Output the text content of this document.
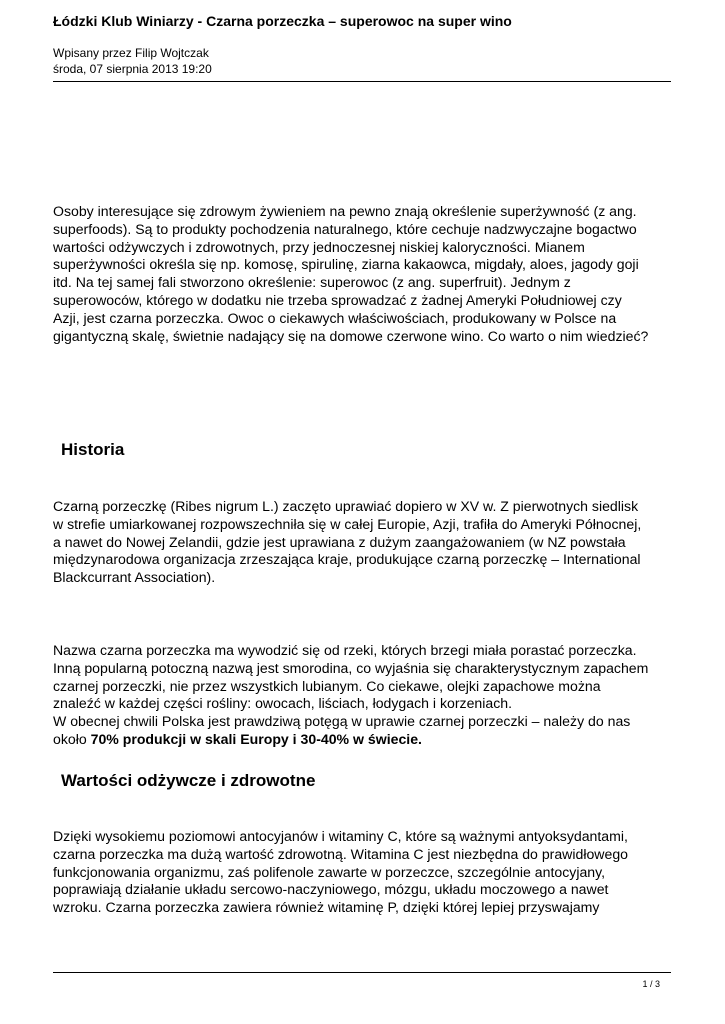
Łódzki Klub Winiarzy - Czarna porzeczka – superowoc na super wino
Wpisany przez Filip Wojtczak
środa, 07 sierpnia 2013 19:20

Osoby interesujące się zdrowym żywieniem na pewno znają określenie superżywność (z ang.
superfoods). Są to produkty pochodzenia naturalnego, które cechuje nadzwyczajne bogactwo
wartości odżywczych i zdrowotnych, przy jednoczesnej niskiej kaloryczności. Mianem
superżywności określa się np. komosę, spirulinę, ziarna kakaowca, migdały, aloes, jagody goji
itd. Na tej samej fali stworzono określenie: superowoc (z ang. superfruit). Jednym z
superowoców, którego w dodatku nie trzeba sprowadzać z żadnej Ameryki Południowej czy
Azji, jest czarna porzeczka. Owoc o ciekawych właściwościach, produkowany w Polsce na
gigantyczną skalę, świetnie nadający się na domowe czerwone wino. Co warto o nim wiedzieć?

Historia

Czarną porzeczkę (Ribes nigrum L.) zaczęto uprawiać dopiero w XV w. Z pierwotnych siedlisk
w strefie umiarkowanej rozpowszechniła się w całej Europie, Azji, trafiła do Ameryki Północnej,
a nawet do Nowej Zelandii, gdzie jest uprawiana z dużym zaangażowaniem (w NZ powstała
międzynarodowa organizacja zrzeszająca kraje, produkujące czarną porzeczkę – International
Blackcurrant Association).

Nazwa czarna porzeczka ma wywodzić się od rzeki, których brzegi miała porastać porzeczka.
Inną popularną potoczną nazwą jest smorodina, co wyjaśnia się charakterystycznym zapachem
czarnej porzeczki, nie przez wszystkich lubianym. Co ciekawe, olejki zapachowe można
znaleźć w każdej części rośliny: owocach, liściach, łodygach i korzeniach.
W obecnej chwili Polska jest prawdziwą potęgą w uprawie czarnej porzeczki – należy do nas
około 70% produkcji w skali Europy i 30-40% w świecie.

Wartości odżywcze i zdrowotne

Dzięki wysokiemu poziomowi antocyjanów i witaminy C, które są ważnymi antyoksydantami,
czarna porzeczka ma dużą wartość zdrowotną. Witamina C jest niezbędna do prawidłowego
funkcjonowania organizmu, zaś polifenole zawarte w porzeczce, szczególnie antocyjany,
poprawiają działanie układu sercowo-naczyniowego, mózgu, układu moczowego a nawet
wzroku. Czarna porzeczka zawiera również witaminę P, dzięki której lepiej przyswajamy

1 / 3
